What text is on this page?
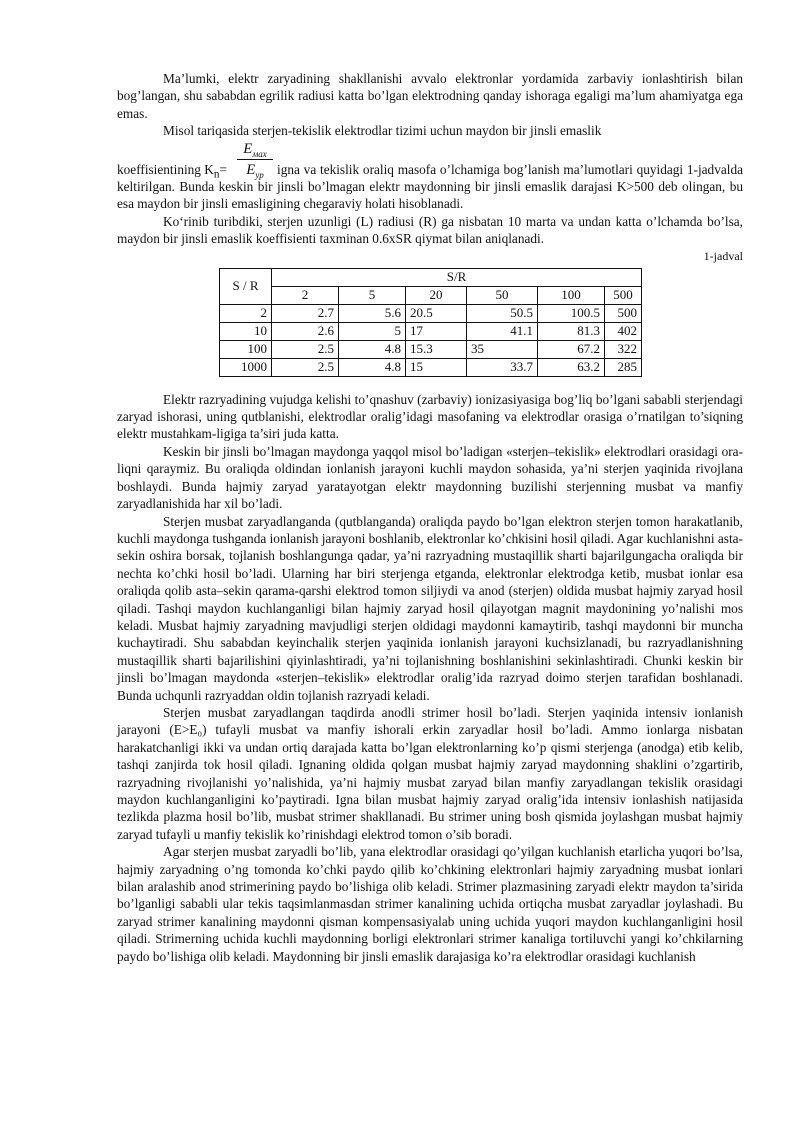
Ma’lumki, elektr zaryadining shakllanishi avvalo elektronlar yordamida zarbaviy ionlashtirish bilan bog’langan, shu sababdan egrilik radiusi katta bo’lgan elektrodning qanday ishoraga egaligi ma’lum ahamiyatga ega emas.

Misol tariqasida sterjen-tekislik elektrodlar tizimi uchun maydon bir jinsli emaslik

koeffisientining $K_n=$
$E_{мах}$
$E_{ур}$ igna va tekislik oraliq masofa o’lchamiga bog’lanish ma’lumotlari quyidagi 1-jadvalda keltirilgan. Bunda keskin bir jinsli bo’lmagan elektr maydonning bir jinsli emaslik darajasi K>500 deb olingan, bu esa maydon bir jinsli emasligining chegaraviy holati hisoblanadi.

Ko‘rinib turibdiki, sterjen uzunligi (L) radiusi (R) ga nisbatan 10 marta va undan katta o’lchamda bo’lsa, maydon bir jinsli emaslik koeffisienti taxminan 0.6xSR qiymat bilan aniqlanadi.

1-jadval
S / R	S/R					
	2	5	20	50	100	500
2	2.7	5.6	20.5	50.5	100.5	500
10	2.6	5	17	41.1	81.3	402
100	2.5	4.8	15.3	35	67.2	322
1000	2.5	4.8	15	33.7	63.2	285

Elektr razryadining vujudga kelishi to’qnashuv (zarbaviy) ionizasiyasiga bog’liq bo’lgani sababli sterjendagi zaryad ishorasi, uning qutblanishi, elektrodlar oralig’idagi masofaning va elektrodlar orasiga o’rnatilgan to’siqning elektr mustahkam-ligiga ta’siri juda katta.

Keskin bir jinsli bo’lmagan maydonga yaqqol misol bo’ladigan «sterjen–tekislik» elektrodlari orasidagi ora-liqni qaraymiz. Bu oraliqda oldindan ionlanish jarayoni kuchli maydon sohasida, ya’ni sterjen yaqinida rivojlana boshlaydi. Bunda hajmiy zaryad yaratayotgan elektr maydonning buzilishi sterjenning musbat va manfiy zaryadlanishida har xil bo’ladi.

Sterjen musbat zaryadlanganda (qutblanganda) oraliqda paydo bo’lgan elektron sterjen tomon harakatlanib, kuchli maydonga tushganda ionlanish jarayoni boshlanib, elektronlar ko’chkisini hosil qiladi. Agar kuchlanishni asta-sekin oshira borsak, tojlanish boshlangunga qadar, ya’ni razryadning mustaqillik sharti bajarilgungacha oraliqda bir nechta ko’chki hosil bo’ladi. Ularning har biri sterjenga etganda, elektronlar elektrodga ketib, musbat ionlar esa oraliqda qolib asta–sekin qarama-qarshi elektrod tomon siljiydi va anod (sterjen) oldida musbat hajmiy zaryad hosil qiladi. Tashqi maydon kuchlanganligi bilan hajmiy zaryad hosil qilayotgan magnit maydonining yo’nalishi mos keladi. Musbat hajmiy zaryadning mavjudligi sterjen oldidagi maydonni kamaytirib, tashqi maydonni bir muncha kuchaytiradi. Shu sababdan keyinchalik sterjen yaqinida ionlanish jarayoni kuchsizlanadi, bu razryadlanishning mustaqillik sharti bajarilishini qiyinlashtiradi, ya’ni tojlanishning boshlanishini sekinlashtiradi. Chunki keskin bir jinsli bo’lmagan maydonda «sterjen–tekislik» elektrodlar oralig’ida razryad doimo sterjen tarafidan boshlanadi. Bunda uchqunli razryaddan oldin tojlanish razryadi keladi.

Sterjen musbat zaryadlangan taqdirda anodli strimer hosil bo’ladi. Sterjen yaqinida intensiv ionlanish jarayoni (E>E₀) tufayli musbat va manfiy ishorali erkin zaryadlar hosil bo’ladi. Ammo ionlarga nisbatan harakatchanligi ikki va undan ortiq darajada katta bo’lgan elektronlarning ko’p qismi sterjenga (anodga) etib kelib, tashqi zanjirda tok hosil qiladi. Ignaning oldida qolgan musbat hajmiy zaryad maydonning shaklini o’zgartirib, razryadning rivojlanishi yo’nalishida, ya’ni hajmiy musbat zaryad bilan manfiy zaryadlangan tekislik orasidagi maydon kuchlanganligini ko’paytiradi. Igna bilan musbat hajmiy zaryad oralig’ida intensiv ionlashish natijasida tezlikda plazma hosil bo’lib, musbat strimer shakllanadi. Bu strimer uning bosh qismida joylashgan musbat hajmiy zaryad tufayli u manfiy tekislik ko’rinishdagi elektrod tomon o’sib boradi.

Agar sterjen musbat zaryadli bo’lib, yana elektrodlar orasidagi qo’yilgan kuchlanish etarlicha yuqori bo’lsa, hajmiy zaryadning o’ng tomonda ko’chki paydo qilib ko’chkining elektronlari hajmiy zaryadning musbat ionlari bilan aralashib anod strimerining paydo bo’lishiga olib keladi. Strimer plazmasining zaryadi elektr maydon ta’sirida bo’lganligi sababli ular tekis taqsimlanmasdan strimer kanalining uchida ortiqcha musbat zaryadlar joylashadi. Bu zaryad strimer kanalining maydonni qisman kompensasiyalab uning uchida yuqori maydon kuchlanganligini hosil qiladi. Strimerning uchida kuchli maydonning borligi elektronlari strimer kanaliga tortiluvchi yangi ko’chkilarning paydo bo’lishiga olib keladi. Maydonning bir jinsli emaslik darajasiga ko’ra elektrodlar orasidagi kuchlanish
